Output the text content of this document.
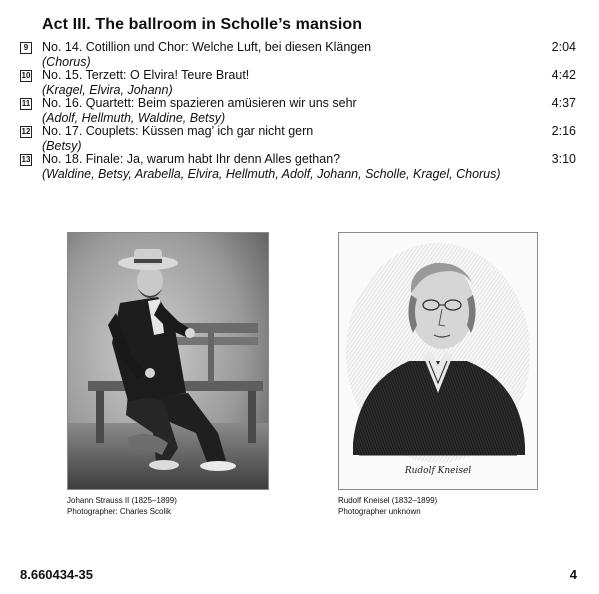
Act III. The ballroom in Scholle’s mansion
9	No. 14. Cotillion und Chor: Welche Luft, bei diesen Klängen	2:04
(Chorus)
10 No. 15. Terzett: O Elvira! Teure Braut!	4:42
(Kragel, Elvira, Johann)
11 No. 16. Quartett: Beim spazieren amüsieren wir uns sehr	4:37
(Adolf, Hellmuth, Waldine, Betsy)
12 No. 17. Couplets: Küssen mag’ ich gar nicht gern	2:16
(Betsy)
13 No. 18. Finale: Ja, warum habt Ihr denn Alles gethan?	3:10
(Waldine, Betsy, Arabella, Elvira, Hellmuth, Adolf, Johann, Scholle, Kragel, Chorus)
Johann Strauss II (1825–1899)
Photographer: Charles Scolik
Rudolf Kneisel
Rudolf Kneisel (1832–1899)
Photographer unknown
8.660434-35	4
